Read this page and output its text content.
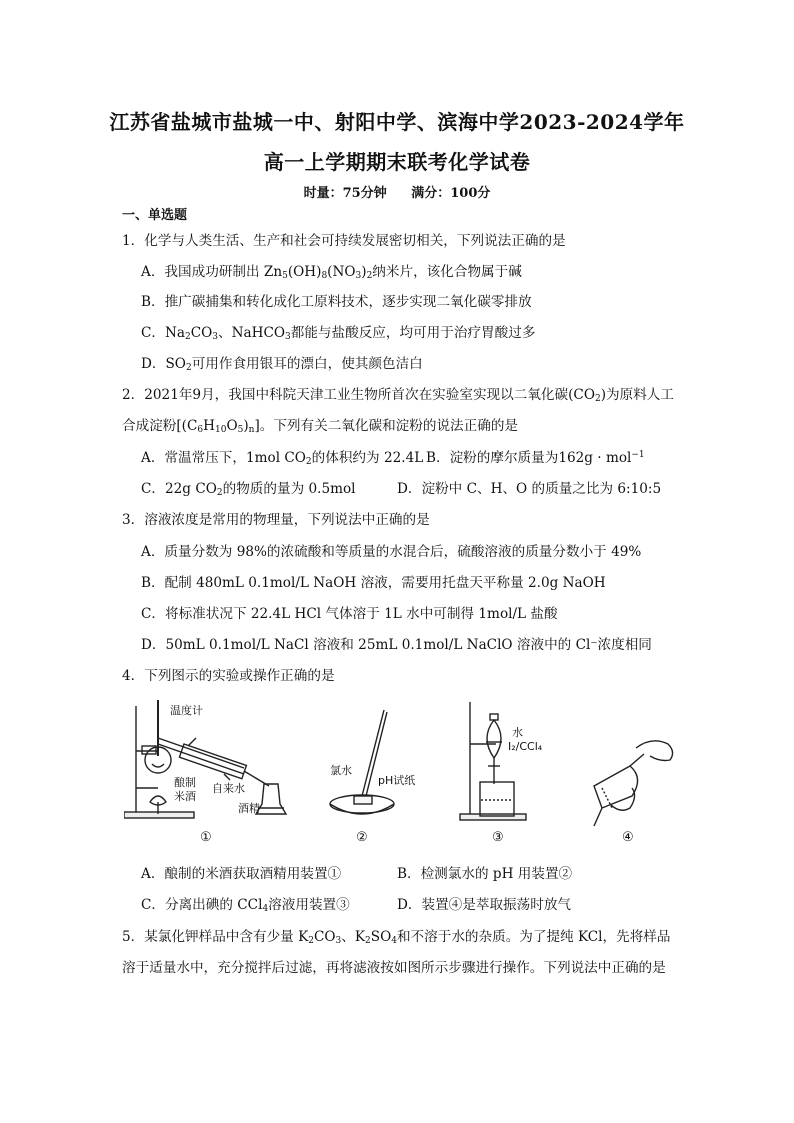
江苏省盐城市盐城一中、射阳中学、滨海中学2023-2024学年
高一上学期期末联考化学试卷
时量：75分钟 满分：100分
一、单选题
1．化学与人类生活、生产和社会可持续发展密切相关，下列说法正确的是
A．我国成功研制出 $Zn_5(OH)_8(NO_3)_2$纳米片，该化合物属于碱
B．推广碳捕集和转化成化工原料技术，逐步实现二氧化碳零排放
C．$Na_2CO_3$、NaHCO$_3$都能与盐酸反应，均可用于治疗胃酸过多
D．$SO_2$可用作食用银耳的漂白，使其颜色洁白
2．2021年9月，我国中科院天津工业生物所首次在实验室实现以二氧化碳$(CO_2)$为原料人工
合成淀粉$[(C_6H_{10}O_5)_n]$。下列有关二氧化碳和淀粉的说法正确的是
A．常温常压下，1mol $CO_2$的体积约为 22.4L B．淀粉的摩尔质量为162g · mol$^{-1}$
C．22g $CO_2$的物质的量为 0.5mol	D．淀粉中 C、H、O 的质量之比为 6:10:5
3．溶液浓度是常用的物理量，下列说法中正确的是
A．质量分数为 98%的浓硫酸和等质量的水混合后，硫酸溶液的质量分数小于 49%
B．配制 480mL 0.1mol/L NaOH 溶液，需要用托盘天平称量 2.0g NaOH
C．将标准状况下 22.4L HCl 气体溶于 1L 水中可制得 1mol/L 盐酸
D．50mL 0.1mol/L NaCl 溶液和 25mL 0.1mol/L NaClO 溶液中的 Cl⁻浓度相同
4．下列图示的实验或操作正确的是
温度计
酿制
米酒
自来水
酒精
氯水
pH试纸
水
I₂/CCl₄
①	②	③	④
A．酿制的米酒获取酒精用装置①	B．检测氯水的 pH 用装置②
C．分离出碘的 CCl$_4$溶液用装置③	D．装置④是萃取振荡时放气
5．某氯化钾样品中含有少量 $K_2CO_3$、$K_2SO_4$和不溶于水的杂质。为了提纯 KCl，先将样品
溶于适量水中，充分搅拌后过滤，再将滤液按如图所示步骤进行操作。下列说法中正确的是
